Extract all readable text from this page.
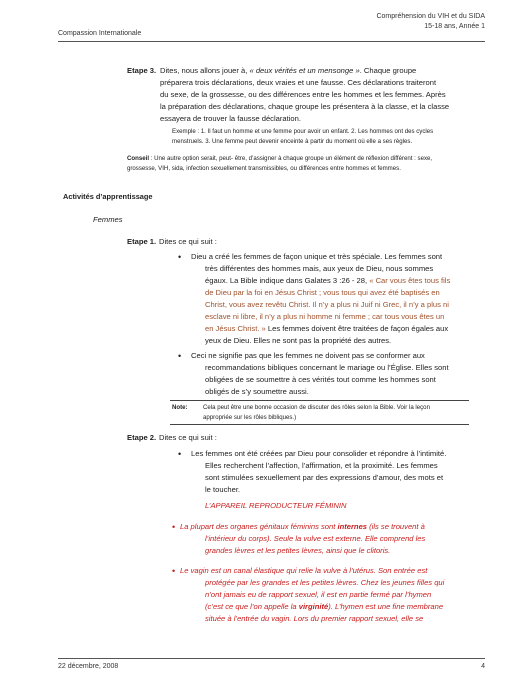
Compassion Internationale
Compréhension du VIH et du SIDA
15-18 ans, Année 1
Etape 3. Dites, nous allons jouer à, « deux vérités et un mensonge ». Chaque groupe
préparera trois déclarations, deux vraies et une fausse. Ces déclarations traiteront
du sexe, de la grossesse, ou des différences entre les hommes et les femmes. Après
la préparation des déclarations, chaque groupe les présentera à la classe, et la classe
essayera de trouver la fausse déclaration.
Exemple : 1. Il faut un homme et une femme pour avoir un enfant. 2. Les hommes ont des cycles
menstruels. 3. Une femme peut devenir enceinte à partir du moment où elle a ses règles.
Conseil : Une autre option serait, peut- être, d’assigner à chaque groupe un élément de réflexion différent : sexe,
grossesse, VIH, sida, infection sexuellement transmissibles, ou différences entre hommes et femmes.
Activités d’apprentissage
Femmes
Etape 1. Dites ce qui suit :
• Dieu a créé les femmes de façon unique et très spéciale. Les femmes sont
très différentes des hommes mais, aux yeux de Dieu, nous sommes
égaux. La Bible indique dans Galates 3 :26 - 28, « Car vous êtes tous fils
de Dieu par la foi en Jésus Christ ; vous tous qui avez été baptisés en
Christ, vous avez revêtu Christ. Il n’y a plus ni Juif ni Grec, il n’y a plus ni
esclave ni libre, il n’y a plus ni homme ni femme ; car tous vous êtes un
en Jésus Christ. » Les femmes doivent être traitées de façon égales aux
yeux de Dieu. Elles ne sont pas la propriété des autres.
• Ceci ne signifie pas que les femmes ne doivent pas se conformer aux
recommandations bibliques concernant le mariage ou l’Église. Elles sont
obligées de se soumettre à ces vérités tout comme les hommes sont
obligés de s’y soumettre aussi.
Note:	Cela peut être une bonne occasion de discuter des rôles selon la Bible. Voir la leçon
appropriée sur les rôles bibliques.)
Etape 2. Dites ce qui suit :
• Les femmes ont été créées par Dieu pour consolider et répondre à l’intimité.
Elles recherchent l’affection, l’affirmation, et la proximité. Les femmes
sont stimulées sexuellement par des expressions d’amour, des mots et
le toucher.
L’APPAREIL REPRODUCTEUR FÉMININ
• La plupart des organes génitaux féminins sont internes (ils se trouvent à
l’intérieur du corps). Seule la vulve est externe. Elle comprend les
grandes lèvres et les petites lèvres, ainsi que le clitoris.
• Le vagin est un canal élastique qui relie la vulve à l’utérus. Son entrée est
protégée par les grandes et les petites lèvres. Chez les jeunes filles qui
n’ont jamais eu de rapport sexuel, il est en partie fermé par l’hymen
(c’est ce que l’on appelle la virginité). L’hymen est une fine membrane
située à l’entrée du vagin. Lors du premier rapport sexuel, elle se
22 décembre, 2008	4
